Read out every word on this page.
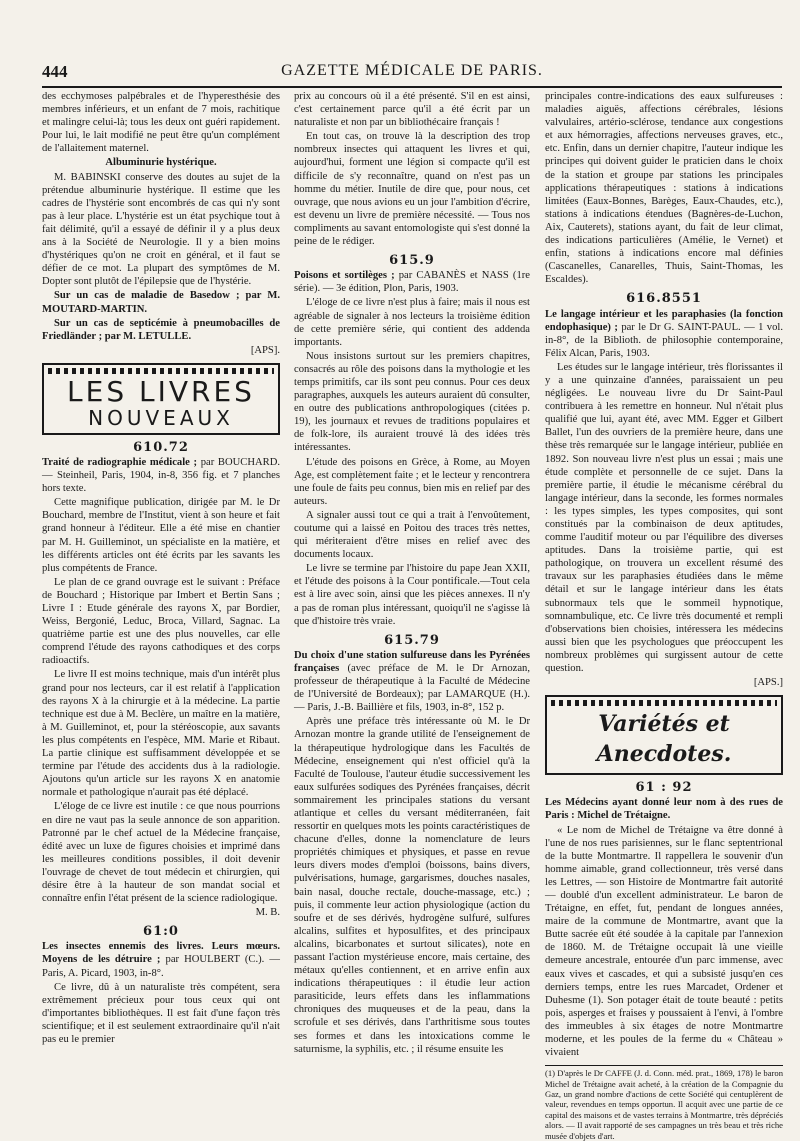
GAZETTE MÉDICALE DE PARIS.
444

des ecchymoses palpébrales et de l'hyperesthésie des membres inférieurs, et un enfant de 7 mois, rachitique et malingre celui-là; tous les deux ont guéri rapidement. Pour lui, le lait modifié ne peut être qu'un complément de l'allaitement maternel.

Albuminurie hystérique.

M. BABINSKI conserve des doutes au sujet de la prétendue albuminurie hystérique. Il estime que les cadres de l'hystérie sont encombrés de cas qui n'y sont pas à leur place. L'hystérie est un état psychique tout à fait délimité, qu'il a essayé de définir il y a plus deux ans à la Société de Neurologie. Il y a bien moins d'hystériques qu'on ne croit en général, et il faut se défier de ce mot. La plupart des symptômes de M. Dopter sont plutôt de l'épilepsie que de l'hystérie.

Sur un cas de maladie de Basedow ; par M. MOUTARD-MARTIN.

Sur un cas de septicémie à pneumobacilles de Friedländer ; par M. LETULLE.

[APS].

LES LIVRES
NOUVEAUX
610.72

Traité de radiographie médicale ; par BOUCHARD. — Steinheil, Paris, 1904, in-8, 356 fig. et 7 planches hors texte.

Cette magnifique publication, dirigée par M. le Dr Bouchard, membre de l'Institut, vient à son heure et fait grand honneur à l'éditeur. Elle a été mise en chantier par M. H. Guilleminot, un spécialiste en la matière, et les différents articles ont été écrits par les savants les plus compétents de France.

Le plan de ce grand ouvrage est le suivant : Préface de Bouchard ; Historique par Imbert et Bertin Sans ; Livre I : Etude générale des rayons X, par Bordier, Weiss, Bergonié, Leduc, Broca, Villard, Sagnac. La quatrième partie est une des plus nouvelles, car elle comprend l'étude des rayons cathodiques et des corps radioactifs.

Le livre II est moins technique, mais d'un intérêt plus grand pour nos lecteurs, car il est relatif à l'application des rayons X à la chirurgie et à la médecine. La partie technique est due à M. Beclère, un maître en la matière, à M. Guilleminot, et, pour la stéréoscopie, aux savants les plus compétents en l'espèce, MM. Marie et Ribaut. La partie clinique est suffisamment développée et se termine par l'étude des accidents dus à la radiologie. Ajoutons qu'un article sur les rayons X en anatomie normale et pathologique n'aurait pas été déplacé.

L'éloge de ce livre est inutile : ce que nous pourrions en dire ne vaut pas la seule annonce de son apparition. Patronné par le chef actuel de la Médecine française, édité avec un luxe de figures choisies et imprimé dans les meilleures conditions possibles, il doit devenir l'ouvrage de chevet de tout médecin et chirurgien, qui désire être à la hauteur de son mandat social et connaître enfin l'état présent de la science radiologique.

M. B.

61:0

Les insectes ennemis des livres. Leurs mœurs. Moyens de les détruire ; par HOULBERT (C.). — Paris, A. Picard, 1903, in-8°.

Ce livre, dû à un naturaliste très compétent, sera extrêmement précieux pour tous ceux qui ont d'importantes bibliothèques. Il est fait d'une façon très scientifique; et il est seulement extraordinaire qu'il n'ait pas eu le premier

prix au concours où il a été présenté. S'il en est ainsi, c'est certainement parce qu'il a été écrit par un naturaliste et non par un bibliothécaire français !

En tout cas, on trouve là la description des trop nombreux insectes qui attaquent les livres et qui, aujourd'hui, forment une légion si compacte qu'il est difficile de s'y reconnaître, quand on n'est pas un homme du métier. Inutile de dire que, pour nous, cet ouvrage, que nous avions eu un jour l'ambition d'écrire, est devenu un livre de première nécessité. — Tous nos compliments au savant entomologiste qui s'est donné la peine de le rédiger.

615.9

Poisons et sortilèges ; par CABANÈS et NASS (1re série). — 3e édition, Plon, Paris, 1903.

L'éloge de ce livre n'est plus à faire; mais il nous est agréable de signaler à nos lecteurs la troisième édition de cette première série, qui contient des addenda importants.

Nous insistons surtout sur les premiers chapitres, consacrés au rôle des poisons dans la mythologie et les temps primitifs, car ils sont peu connus. Pour ces deux paragraphes, auxquels les auteurs auraient dû consulter, en outre des publications anthropologiques (citées p. 19), les journaux et revues de traditions populaires et de folk-lore, ils auraient trouvé là des idées très intéressantes.

L'étude des poisons en Grèce, à Rome, au Moyen Age, est complètement faite ; et le lecteur y rencontrera une foule de faits peu connus, bien mis en relief par des auteurs.

A signaler aussi tout ce qui a trait à l'envoûtement, coutume qui a laissé en Poitou des traces très nettes, qui mériteraient d'être mises en relief avec des documents locaux.

Le livre se termine par l'histoire du pape Jean XXII, et l'étude des poisons à la Cour pontificale.—Tout cela est à lire avec soin, ainsi que les pièces annexes. Il n'y a pas de roman plus intéressant, quoiqu'il ne s'agisse là que d'histoire très vraie.

615.79

Du choix d'une station sulfureuse dans les Pyrénées françaises (avec préface de M. le Dr Arnozan, professeur de thérapeutique à la Faculté de Médecine de l'Université de Bordeaux); par LAMARQUE (H.). — Paris, J.-B. Baillière et fils, 1903, in-8°, 152 p.

Après une préface très intéressante où M. le Dr Arnozan montre la grande utilité de l'enseignement de la thérapeutique hydrologique dans les Facultés de Médecine, enseignement qui n'est officiel qu'à la Faculté de Toulouse, l'auteur étudie successivement les eaux sulfurées sodiques des Pyrénées françaises, décrit sommairement les principales stations du versant atlantique et celles du versant méditerranéen, fait ressortir en quelques mots les points caractéristiques de chacune d'elles, donne la nomenclature de leurs propriétés chimiques et physiques, et passe en revue leurs divers modes d'emploi (boissons, bains divers, pulvérisations, humage, gargarismes, douches nasales, bain nasal, douche rectale, douche-massage, etc.) ; puis, il commente leur action physiologique (action du soufre et de ses dérivés, hydrogène sulfuré, sulfures alcalins, sulfites et hyposulfites, et des principaux alcalins, bicarbonates et surtout silicates), note en passant l'action mystérieuse encore, mais certaine, des métaux qu'elles contiennent, et en arrive enfin aux indications thérapeutiques : il étudie leur action parasiticide, leurs effets dans les inflammations chroniques des muqueuses et de la peau, dans la scrofule et ses dérivés, dans l'arthritisme sous toutes ses formes et dans les intoxications comme le saturnisme, la syphilis, etc. ; il résume ensuite les

principales contre-indications des eaux sulfureuses : maladies aiguës, affections cérébrales, lésions valvulaires, artério-sclérose, tendance aux congestions et aux hémorragies, affections nerveuses graves, etc., etc. Enfin, dans un dernier chapitre, l'auteur indique les principes qui doivent guider le praticien dans le choix de la station et groupe par stations les principales applications thérapeutiques : stations à indications limitées (Eaux-Bonnes, Barèges, Eaux-Chaudes, etc.), stations à indications étendues (Bagnères-de-Luchon, Aix, Cauterets), stations ayant, du fait de leur climat, des indications particulières (Amélie, le Vernet) et enfin, stations à indications encore mal définies (Cascanelles, Canarelles, Thuis, Saint-Thomas, les Escaldes).

616.8551

Le langage intérieur et les paraphasies (la fonction endophasique) ; par le Dr G. SAINT-PAUL. — 1 vol. in-8°, de la Biblioth. de philosophie contemporaine, Félix Alcan, Paris, 1903.

Les études sur le langage intérieur, très florissantes il y a une quinzaine d'années, paraissaient un peu négligées. Le nouveau livre du Dr Saint-Paul contribuera à les remettre en honneur. Nul n'était plus qualifié que lui, ayant été, avec MM. Egger et Gilbert Ballet, l'un des ouvriers de la première heure, dans une thèse très remarquée sur le langage intérieur, publiée en 1892. Son nouveau livre n'est plus un essai ; mais une étude complète et personnelle de ce sujet. Dans la première partie, il étudie le mécanisme cérébral du langage intérieur, dans la seconde, les formes normales : les types simples, les types composites, qui sont constitués par la combinaison de deux aptitudes, comme l'auditif moteur ou par l'équilibre des diverses aptitudes. Dans la troisième partie, qui est pathologique, on trouvera un excellent résumé des travaux sur les paraphasies étudiées dans le même détail et sur le langage intérieur dans les états subnormaux tels que le sommeil hypnotique, somnambulique, etc. Ce livre très documenté et rempli d'observations bien choisies, intéressera les médecins aussi bien que les psychologues que préoccupent les nombreux problèmes qui surgissent autour de cette question.

[APS.]

Variétés et Anecdotes.
61 : 92

Les Médecins ayant donné leur nom à des rues de Paris : Michel de Trétaigne.

« Le nom de Michel de Trétaigne va être donné à l'une de nos rues parisiennes, sur le flanc septentrional de la butte Montmartre. Il rappellera le souvenir d'un homme aimable, grand collectionneur, très versé dans les Lettres, — son Histoire de Montmartre fait autorité — doublé d'un excellent administrateur. Le baron de Trétaigne, en effet, fut, pendant de longues années, maire de la commune de Montmartre, avant que la Butte sacrée eût été soudée à la capitale par l'annexion de 1860. M. de Trétaigne occupait là une vieille demeure ancestrale, entourée d'un parc immense, avec eaux vives et cascades, et qui a subsisté jusqu'en ces derniers temps, entre les rues Marcadet, Ordener et Duhesme (1). Son potager était de toute beauté : petits pois, asperges et fraises y poussaient à l'envi, à l'ombre des immeubles à six étages de notre Montmartre moderne, et les poules de la ferme du « Château » vivaient

(1) D'après le Dr CAFFE (J. d. Conn. méd. prat., 1869, 178) le baron Michel de Trétaigne avait acheté, à la création de la Compagnie du Gaz, un grand nombre d'actions de cette Société qui centuplèrent de valeur, revendues en temps opportun. Il acquit avec une partie de ce capital des maisons et de vastes terrains à Montmartre, très dépréciés alors. — Il avait rapporté de ses campagnes un très beau et très riche musée d'objets d'art.
